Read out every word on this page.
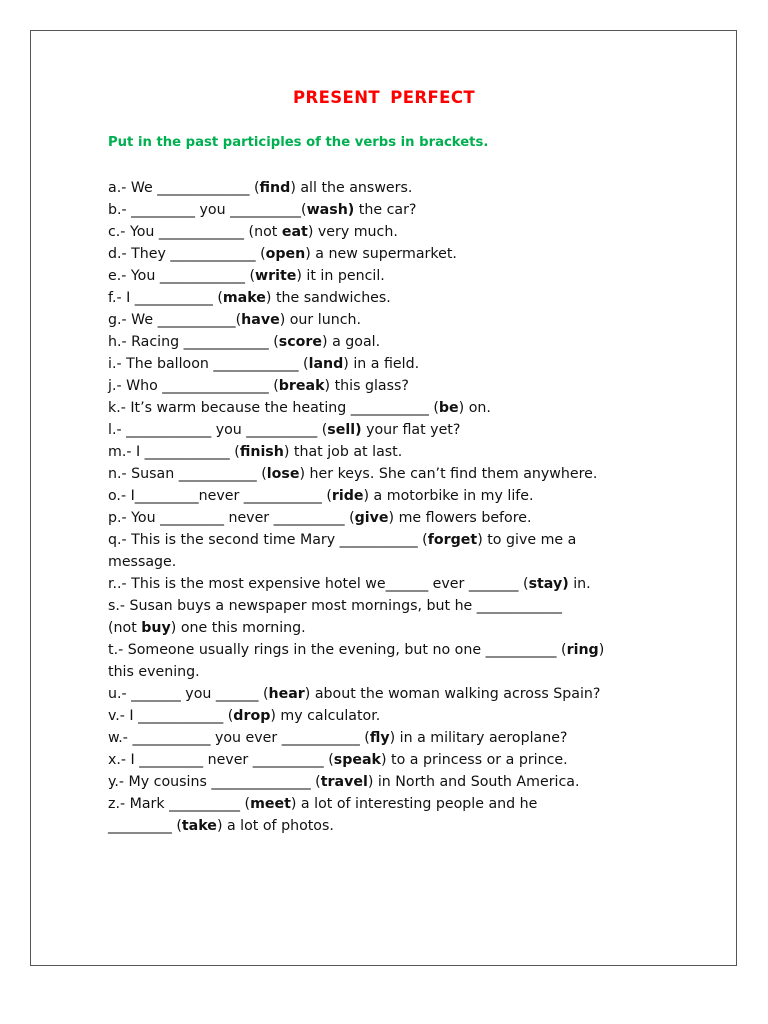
PRESENT PERFECT
Put in the past participles of the verbs in brackets.
a.- We _____________ (find) all the answers.
b.- _________ you __________(wash) the car?
c.- You ____________ (not eat) very much.
d.- They ____________ (open) a new supermarket.
e.- You ____________ (write) it in pencil.
f.- I ___________ (make) the sandwiches.
g.- We ___________(have) our lunch.
h.- Racing ____________ (score) a goal.
i.- The balloon ____________ (land) in a field.
j.- Who _______________ (break) this glass?
k.- It’s warm because the heating ___________ (be) on.
l.- ____________ you __________ (sell) your flat yet?
m.- I ____________ (finish) that job at last.
n.- Susan ___________ (lose) her keys. She can’t find them anywhere.
o.- I_________never ___________ (ride) a motorbike in my life.
p.- You _________ never __________ (give) me flowers before.
q.- This is the second time Mary ___________ (forget) to give me a
message.
r..- This is the most expensive hotel we______ ever _______ (stay) in.
s.- Susan buys a newspaper most mornings, but he ____________
(not buy) one this morning.
t.- Someone usually rings in the evening, but no one __________ (ring)
this evening.
u.- _______ you ______ (hear) about the woman walking across Spain?
v.- I ____________ (drop) my calculator.
w.- ___________ you ever ___________ (fly) in a military aeroplane?
x.- I _________ never __________ (speak) to a princess or a prince.
y.- My cousins ______________ (travel) in North and South America.
z.- Mark __________ (meet) a lot of interesting people and he
_________ (take) a lot of photos.
